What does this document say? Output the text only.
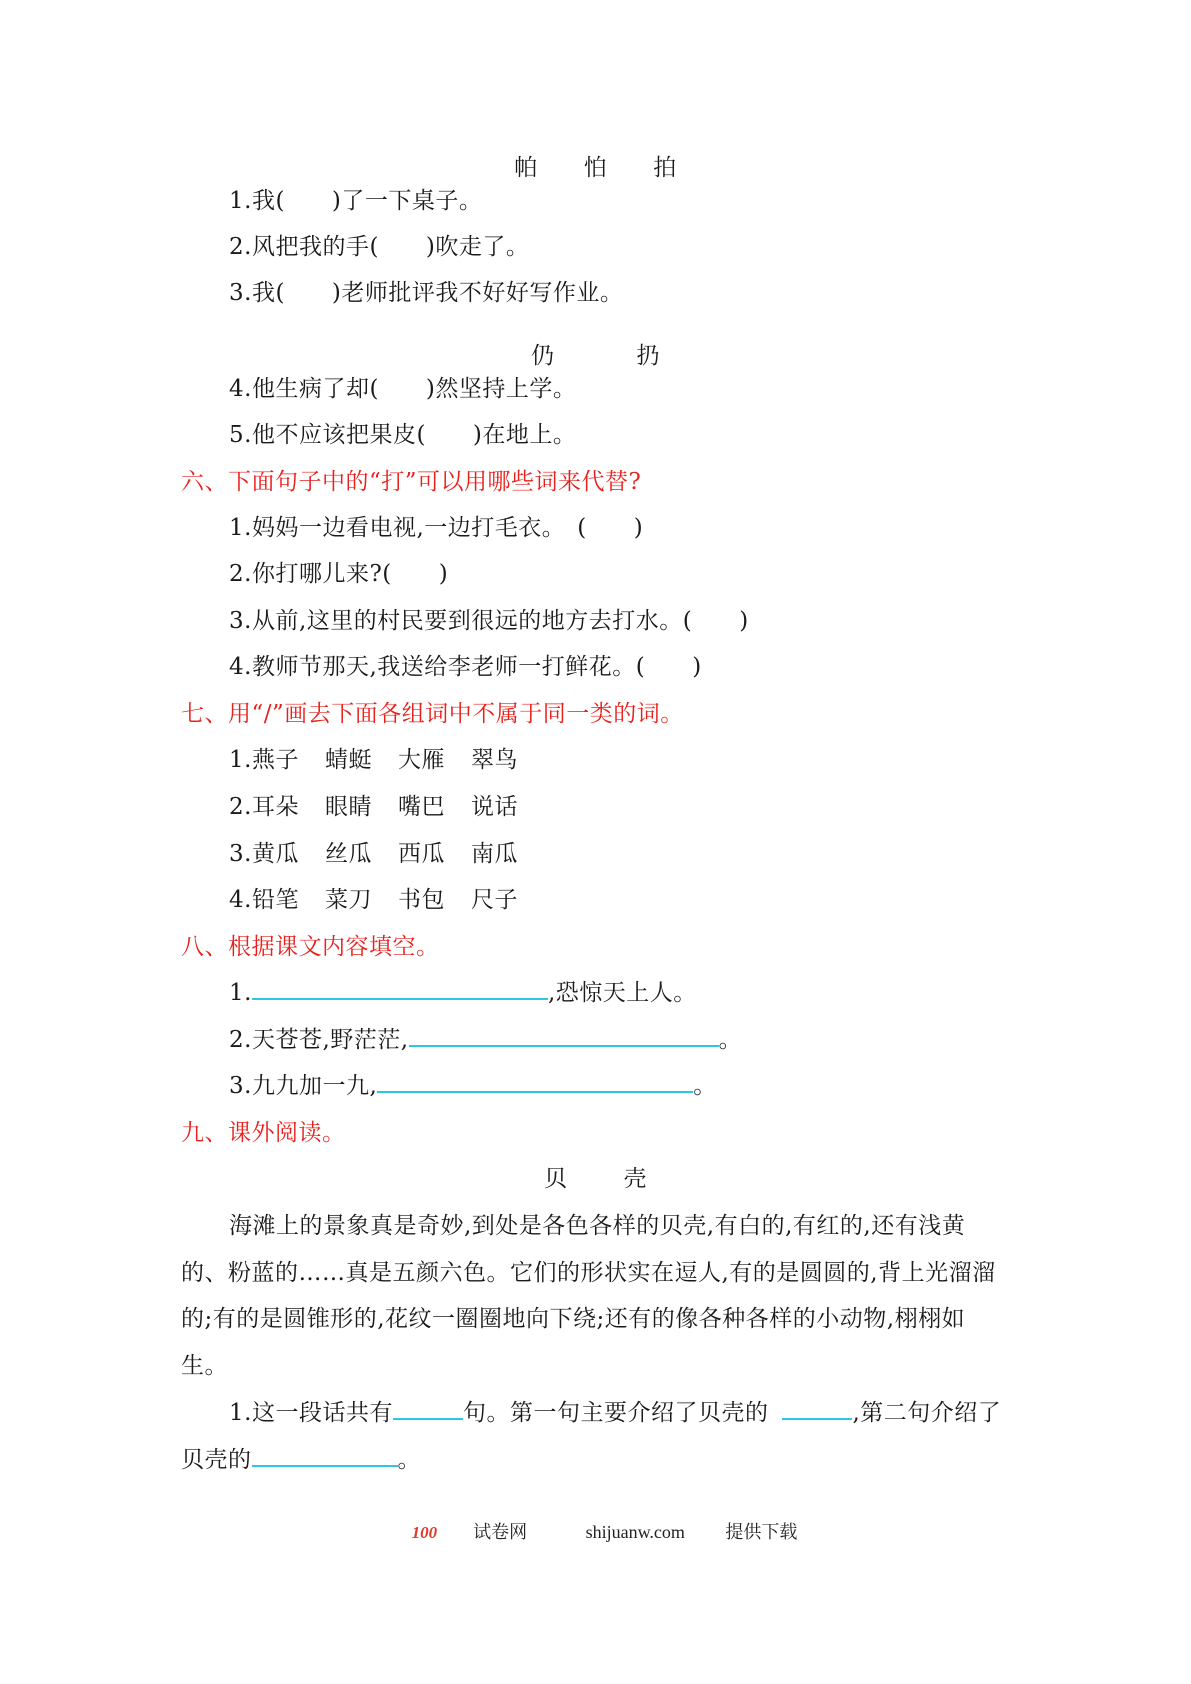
帕 怕 拍
1.我(　　)了一下桌子。
2.风把我的手(　　)吹走了。
3.我(　　)老师批评我不好好写作业。
仍	扔
4.他生病了却(　　)然坚持上学。
5.他不应该把果皮(　　)在地上。
六、下面句子中的“打”可以用哪些词来代替?
1.妈妈一边看电视,一边打毛衣。　(　　)
2.你打哪儿来?(　　)
3.从前,这里的村民要到很远的地方去打水。(　　)
4.教师节那天,我送给李老师一打鲜花。(　　)
七、用“/”画去下面各组词中不属于同一类的词。
1.燕子 蜻蜓 大雁 翠鸟
2.耳朵 眼睛 嘴巴 说话
3.黄瓜 丝瓜 西瓜 南瓜
4.铅笔 菜刀 书包 尺子
八、根据课文内容填空。
1.	,恐惊天上人。
2.天苍苍,野茫茫,	。
3.九九加一九,	。
九、课外阅读。
贝 壳
海滩上的景象真是奇妙,到处是各色各样的贝壳,有白的,有红的,还有浅黄
的、粉蓝的……真是五颜六色。它们的形状实在逗人,有的是圆圆的,背上光溜溜
的;有的是圆锥形的,花纹一圈圈地向下绕;还有的像各种各样的小动物,栩栩如
生。
1.这一段话共有	句。第一句主要介绍了贝壳的	,第二句介绍了
贝壳的	。
100 试卷网	shijuanw.com 提供下载
